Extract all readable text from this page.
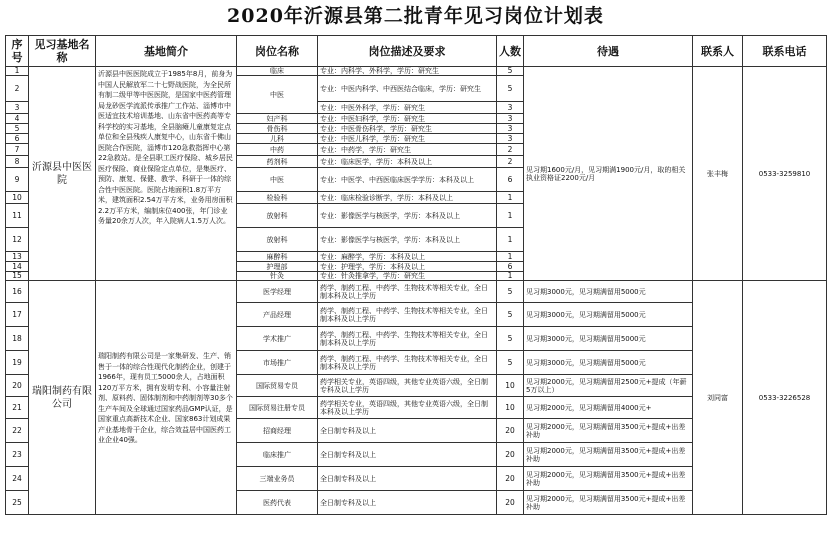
2020年沂源县第二批青年见习岗位计划表
序号	见习基地名称	基地简介	岗位名称	岗位描述及要求	人数	待遇	联系人	联系电话
1	沂源县中医医院	沂源县中医医院成立于1985年8月，前身为中国人民解放军二十七野战医院，为全民所有制二级甲等中医医院，是国家中医药管理局龙砂医学流派传承推广工作站、淄博市中医适宜技术培训基地、山东省中医药高等专科学校的实习基地，全县脑瘫儿童康复定点单位和全县残疾人康复中心，山东省千佛山医院合作医院，淄博市120急救指挥中心第22急救站。是全县职工医疗保险、城乡居民医疗保险、商业保险定点单位，是集医疗、预防、康复、保健、教学、科研于一体的综合性中医医院。医院占地面积1.8万平方米，建筑面积2.54万平方米，业务用房面积2.2万平方米，编制床位400张，年门诊业务量20余万人次，年入院病人1.5万人次。	临床	专业：内科学、外科学，学历：研究生	5	见习期1600元/月，见习期满1900元/月，取的相关执业资格证2200元/月	张丰梅	0533-3259810
2			中医	专业：中医内科学、中西医结合临床，学历：研究生	5			
3				专业：中医外科学，学历：研究生	3			
4			妇产科	专业：中医妇科学，学历：研究生	3			
5			骨伤科	专业：中医骨伤科学，学历：研究生	3			
6			儿科	专业：中医儿科学，学历：研究生	3			
7			中药	专业：中药学，学历：研究生	2			
8			药剂科	专业：临床医学，学历：本科及以上	2			
9			中医	专业：中医学、中西医临床医学学历：本科及以上	6			
10			检验科	专业：临床检验诊断学，学历：本科及以上	1			
11			放射科	专业：影像医学与核医学，学历：本科及以上	1			
12			放射科	专业：影像医学与核医学，学历：本科及以上	1			
13			麻醉科	专业：麻醉学，学历：本科及以上	1			
14			护理部	专业：护理学，学历：本科及以上	6			
15			针灸	专业：针灸推拿学，学历：研究生	1			
16	瑞阳制药有限公司	瑞阳制药有限公司是一家集研发、生产、销售于一体的综合性现代化制药企业，创建于1966年，现有员工5000余人，占地面积120万平方米，拥有发明专利、小容量注射剂、原料药、固体制剂和中药制剂等30多个生产车间及全球通过国家药品GMP认证，是国家重点高新技术企业、国家863计划成果产业基地骨干企业，综合效益居中国医药工业企业40强。	医学经理	药学、制药工程、中药学、生物技术等相关专业，全日制本科及以上学历	5	见习期3000元，见习期满留用5000元	刘同富	0533-3226528
17			产品经理	药学、制药工程、中药学、生物技术等相关专业，全日制本科及以上学历	5	见习期3000元，见习期满留用5000元		
18			学术推广	药学、制药工程、中药学、生物技术等相关专业，全日制本科及以上学历	5	见习期3000元，见习期满留用5000元		
19			市场推广	药学、制药工程、中药学、生物技术等相关专业，全日制本科及以上学历	5	见习期3000元，见习期满留用5000元		
20			国际贸易专员	药学相关专业，英语四级，其他专业英语六级，全日制专科及以上学历	10	见习期2000元，见习期满留用2500元+提成（年薪5万以上）		
21			国际贸易注册专员	药学相关专业，英语四级，其他专业英语六级，全日制本科及以上学历	10	见习期2000元，见习期满留用4000元+		
22			招商经理	全日制专科及以上	20	见习期2000元，见习期满留用3500元+提成+出差补助		
23			临床推广	全日制专科及以上	20	见习期2000元，见习期满留用3500元+提成+出差补助		
24			三端业务员	全日制专科及以上	20	见习期2000元，见习期满留用3500元+提成+出差补助		
25			医药代表	全日制专科及以上	20	见习期2000元，见习期满留用3500元+提成+出差补助		
